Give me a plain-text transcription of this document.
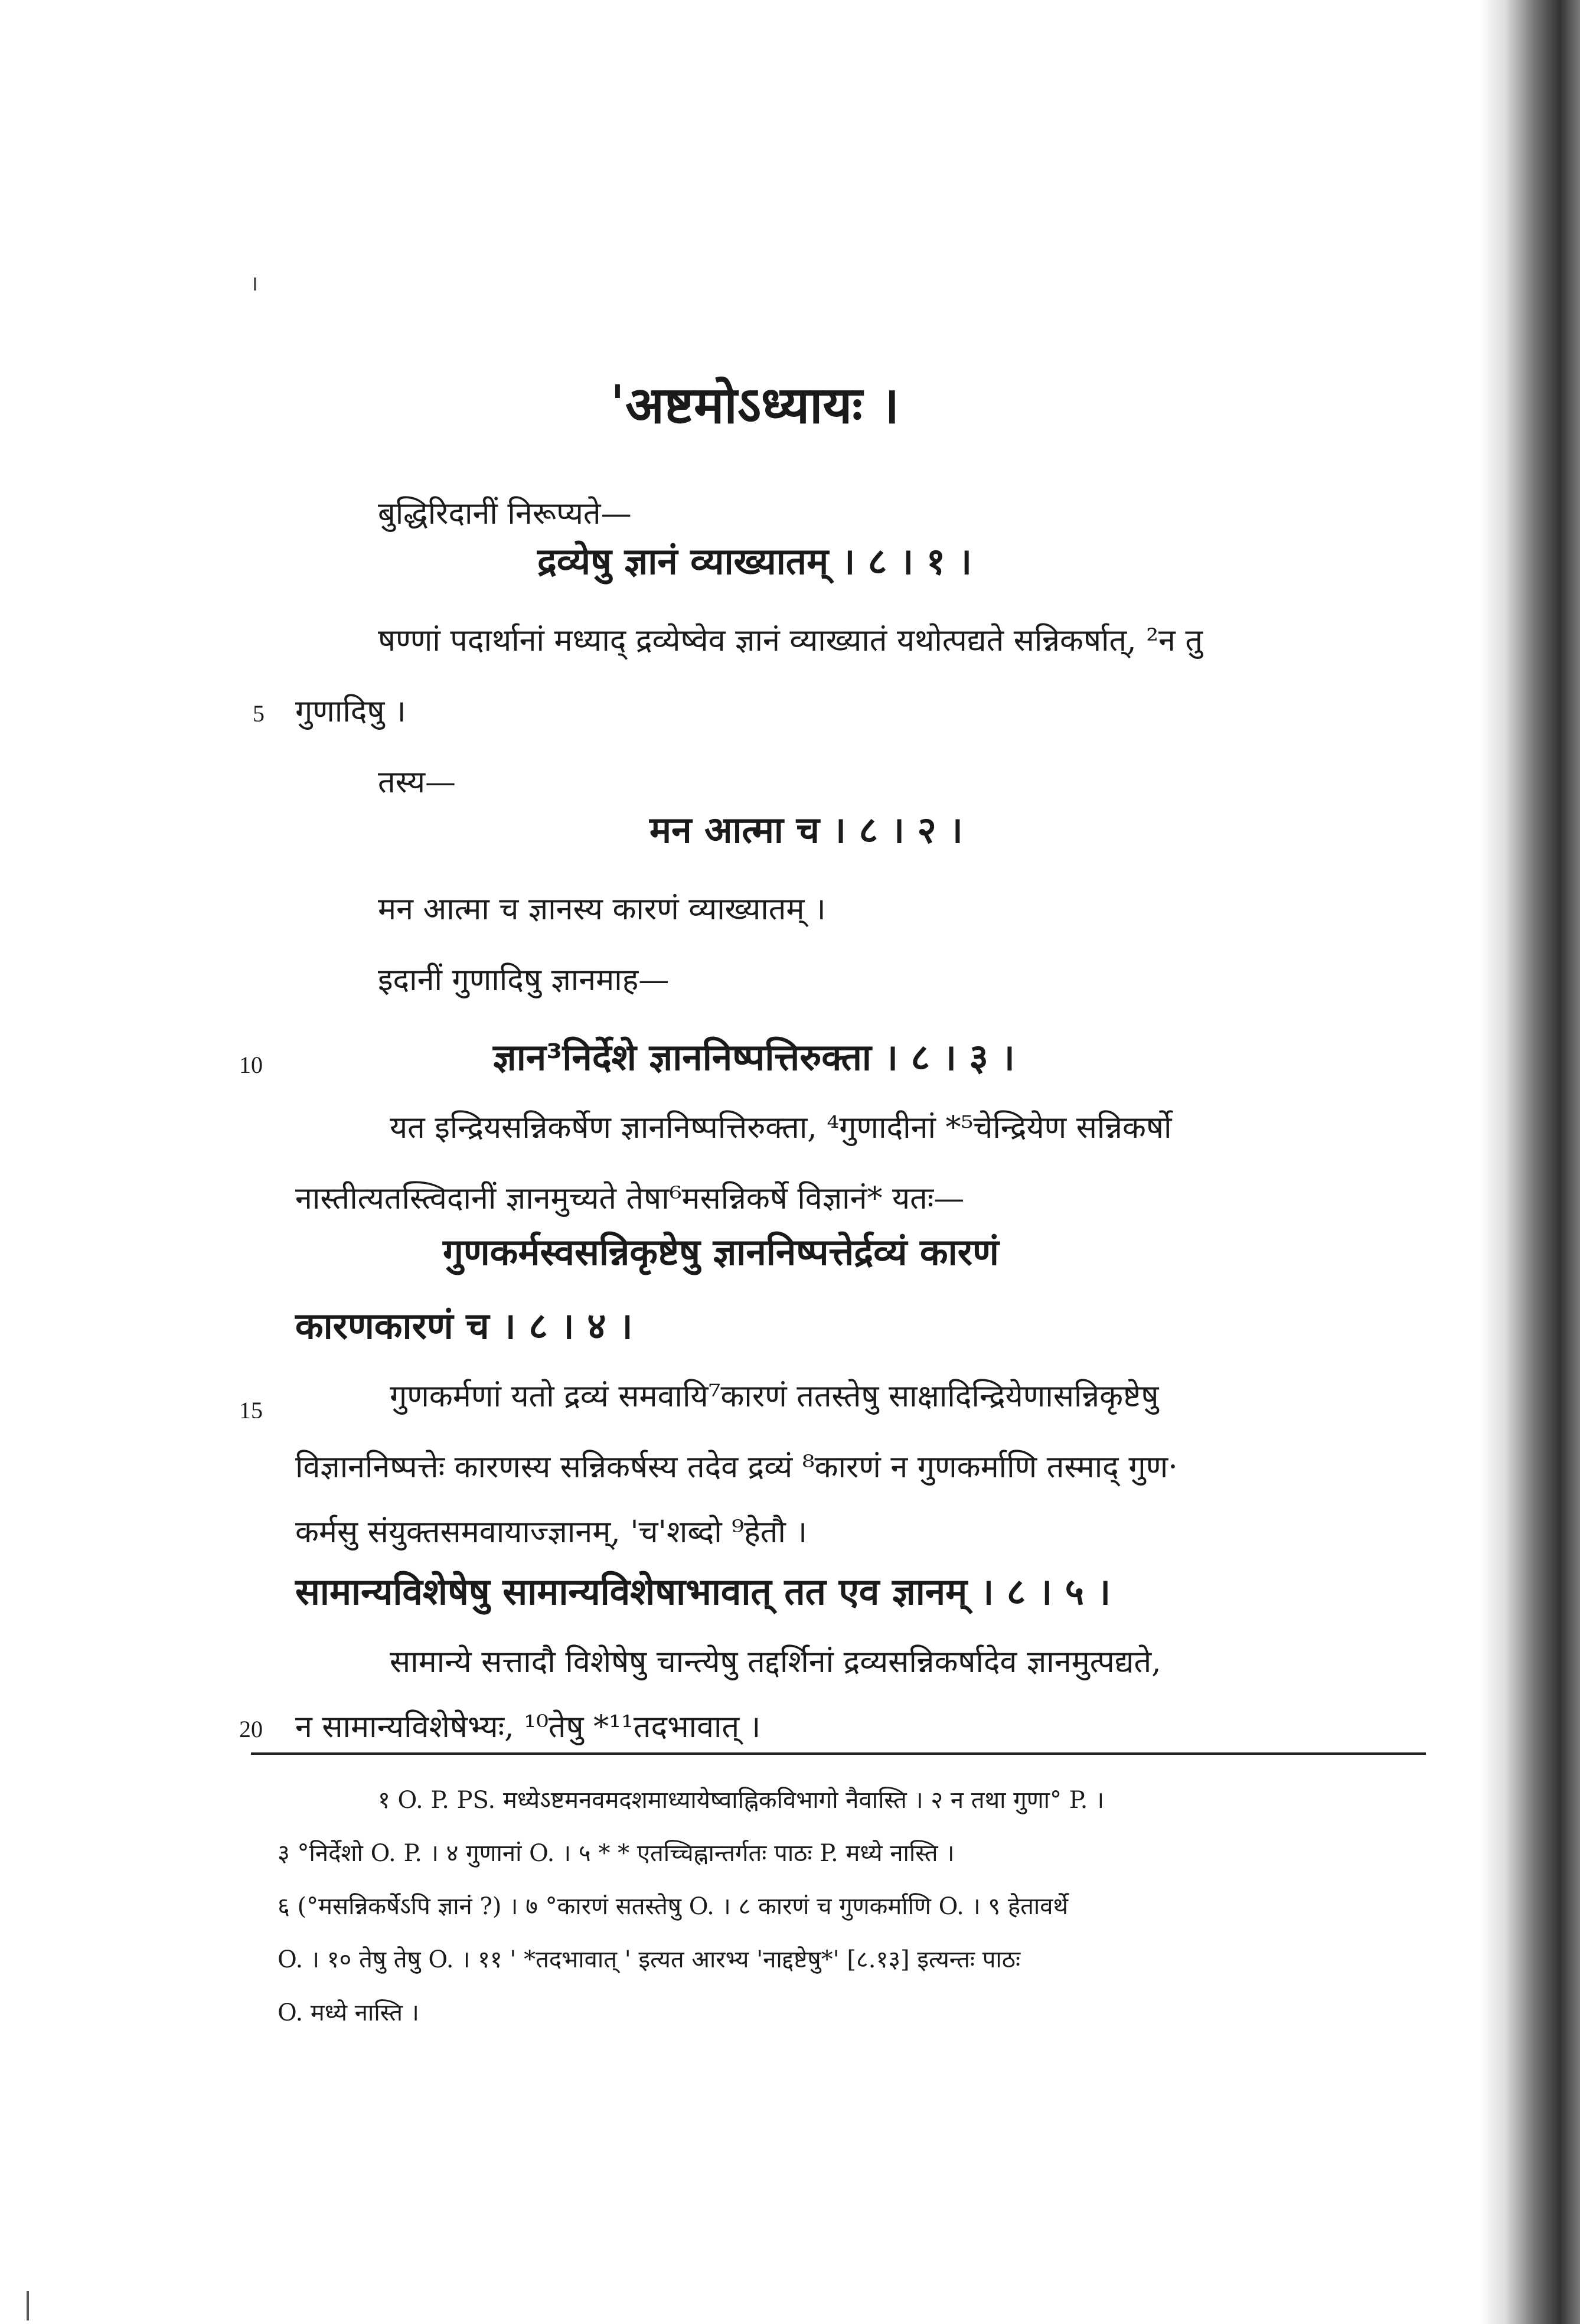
ˈअष्टमोऽध्यायः ।
बुद्धिरिदानीं निरूप्यते—
द्रव्येषु ज्ञानं व्याख्यातम् । ८ । १ ।
षण्णां पदार्थानां मध्याद् द्रव्येष्वेव ज्ञानं व्याख्यातं यथोत्पद्यते सन्निकर्षात्, ²न तु
5 गुणादिषु ।
तस्य—
मन आत्मा च । ८ । २ ।
मन आत्मा च ज्ञानस्य कारणं व्याख्यातम् ।
इदानीं गुणादिषु ज्ञानमाह—
10	ज्ञान³निर्देशे ज्ञाननिष्पत्तिरुक्ता । ८ । ३ ।
यत इन्द्रियसन्निकर्षेण ज्ञाननिष्पत्तिरुक्ता, ⁴गुणादीनां *⁵चेन्द्रियेण सन्निकर्षो
नास्तीत्यतस्त्विदानीं ज्ञानमुच्यते तेषा⁶मसन्निकर्षे विज्ञानं* यतः—
गुणकर्मस्वसन्निकृष्टेषु ज्ञाननिष्पत्तेर्द्रव्यं कारणं
कारणकारणं च । ८ । ४ ।
15	गुणकर्मणां यतो द्रव्यं समवायि⁷कारणं ततस्तेषु साक्षादिन्द्रियेणासन्निकृष्टेषु
विज्ञाननिष्पत्तेः कारणस्य सन्निकर्षस्य तदेव द्रव्यं ⁸कारणं न गुणकर्माणि तस्माद् गुण·
कर्मसु संयुक्तसमवायाज्ज्ञानम्, 'च'शब्दो ⁹हेतौ ।
सामान्यविशेषेषु सामान्यविशेषाभावात् तत एव ज्ञानम् । ८ । ५ ।
सामान्ये सत्तादौ विशेषेषु चान्त्येषु तद्दर्शिनां द्रव्यसन्निकर्षादेव ज्ञानमुत्पद्यते,
20 न सामान्यविशेषेभ्यः, ¹⁰तेषु *¹¹तदभावात् ।
१ O. P. PS. मध्येऽष्टमनवमदशमाध्यायेष्वाह्निकविभागो नैवास्ति । २ न तथा गुणा° P. ।
३ °निर्देशो O. P. । ४ गुणानां O. । ५ * * एतच्चिह्नान्तर्गतः पाठः P. मध्ये नास्ति ।
६ (°मसन्निकर्षेऽपि ज्ञानं ?) । ७ °कारणं सतस्तेषु O. । ८ कारणं च गुणकर्माणि O. । ९ हेतावर्थे
O. । १० तेषु तेषु O. । ११ ' *तदभावात् ' इत्यत आरभ्य 'नाद्दष्टेषु*' [८.१३] इत्यन्तः पाठः
O. मध्ये नास्ति ।
